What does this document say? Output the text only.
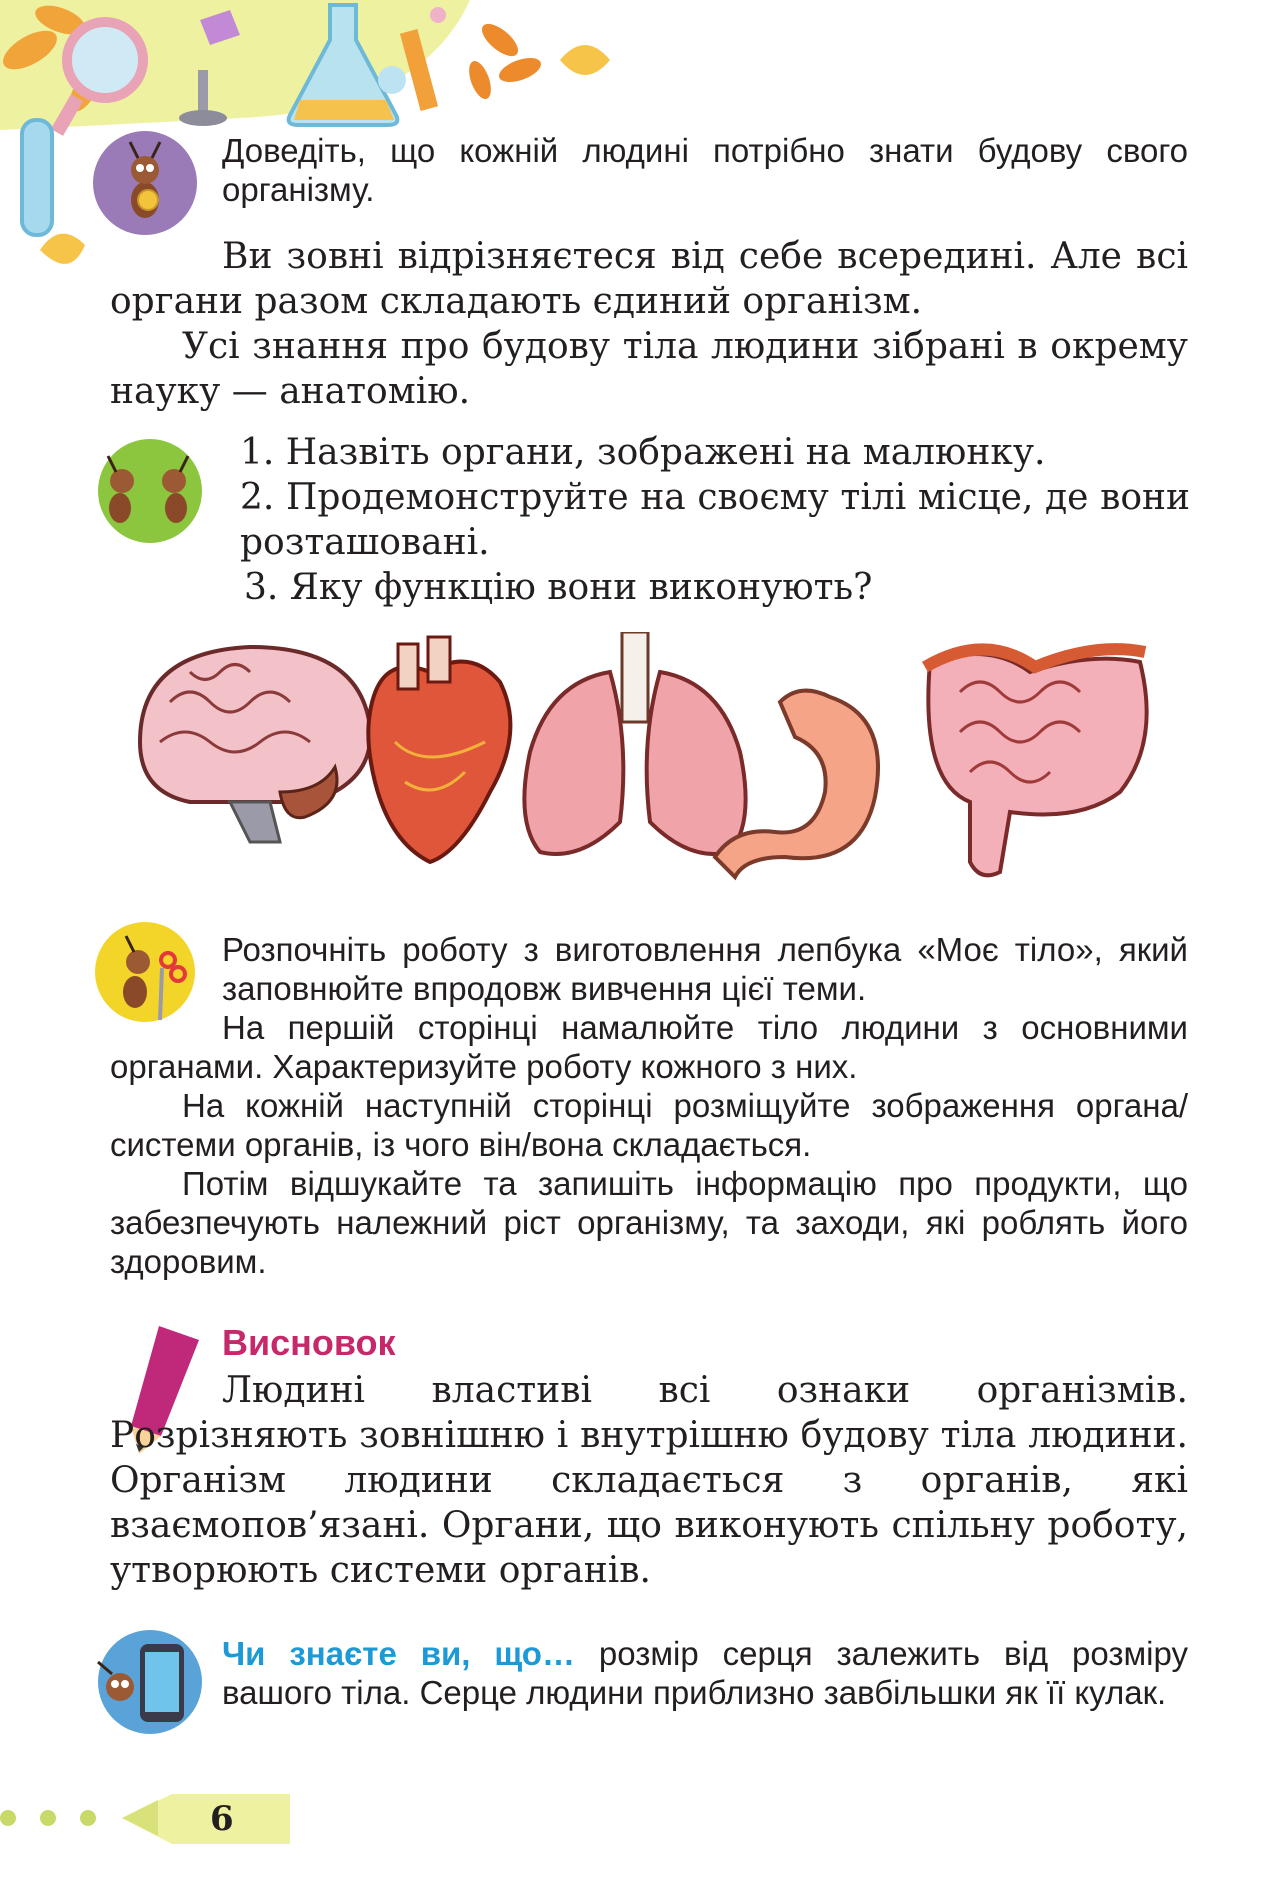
Доведіть, що кожній людині потрібно знати будову свого організму.

Ви зовні відрізняєтеся від себе всередині. Але всі органи разом складають єдиний організм.

Усі знання про будову тіла людини зібрані в окрему науку — анатомію.

1. Назвіть органи, зображені на малюнку.

2. Продемонструйте на своєму тілі місце, де вони розташовані.

3. Яку функцію вони виконують?

Розпочніть роботу з виготовлення лепбука «Моє тіло», який заповнюйте впродовж вивчення цієї теми.

На першій сторінці намалюйте тіло людини з основними органами. Характеризуйте роботу кожного з них.

На кожній наступній сторінці розміщуйте зображення органа/системи органів, із чого він/вона складається.

Потім відшукайте та запишіть інформацію про продукти, що забезпечують належний ріст організму, та заходи, які роблять його здоровим.

Висновок
Людині властиві всі ознаки організмів. Розрізняють зовнішню і внутрішню будову тіла людини. Організм людини складається з органів, які взаємопов’язані. Органи, що виконують спільну роботу, утворюють системи органів.
Чи знаєте ви, що… розмір серця залежить від розміру вашого тіла. Серце людини приблизно завбільшки як її кулак.
6
